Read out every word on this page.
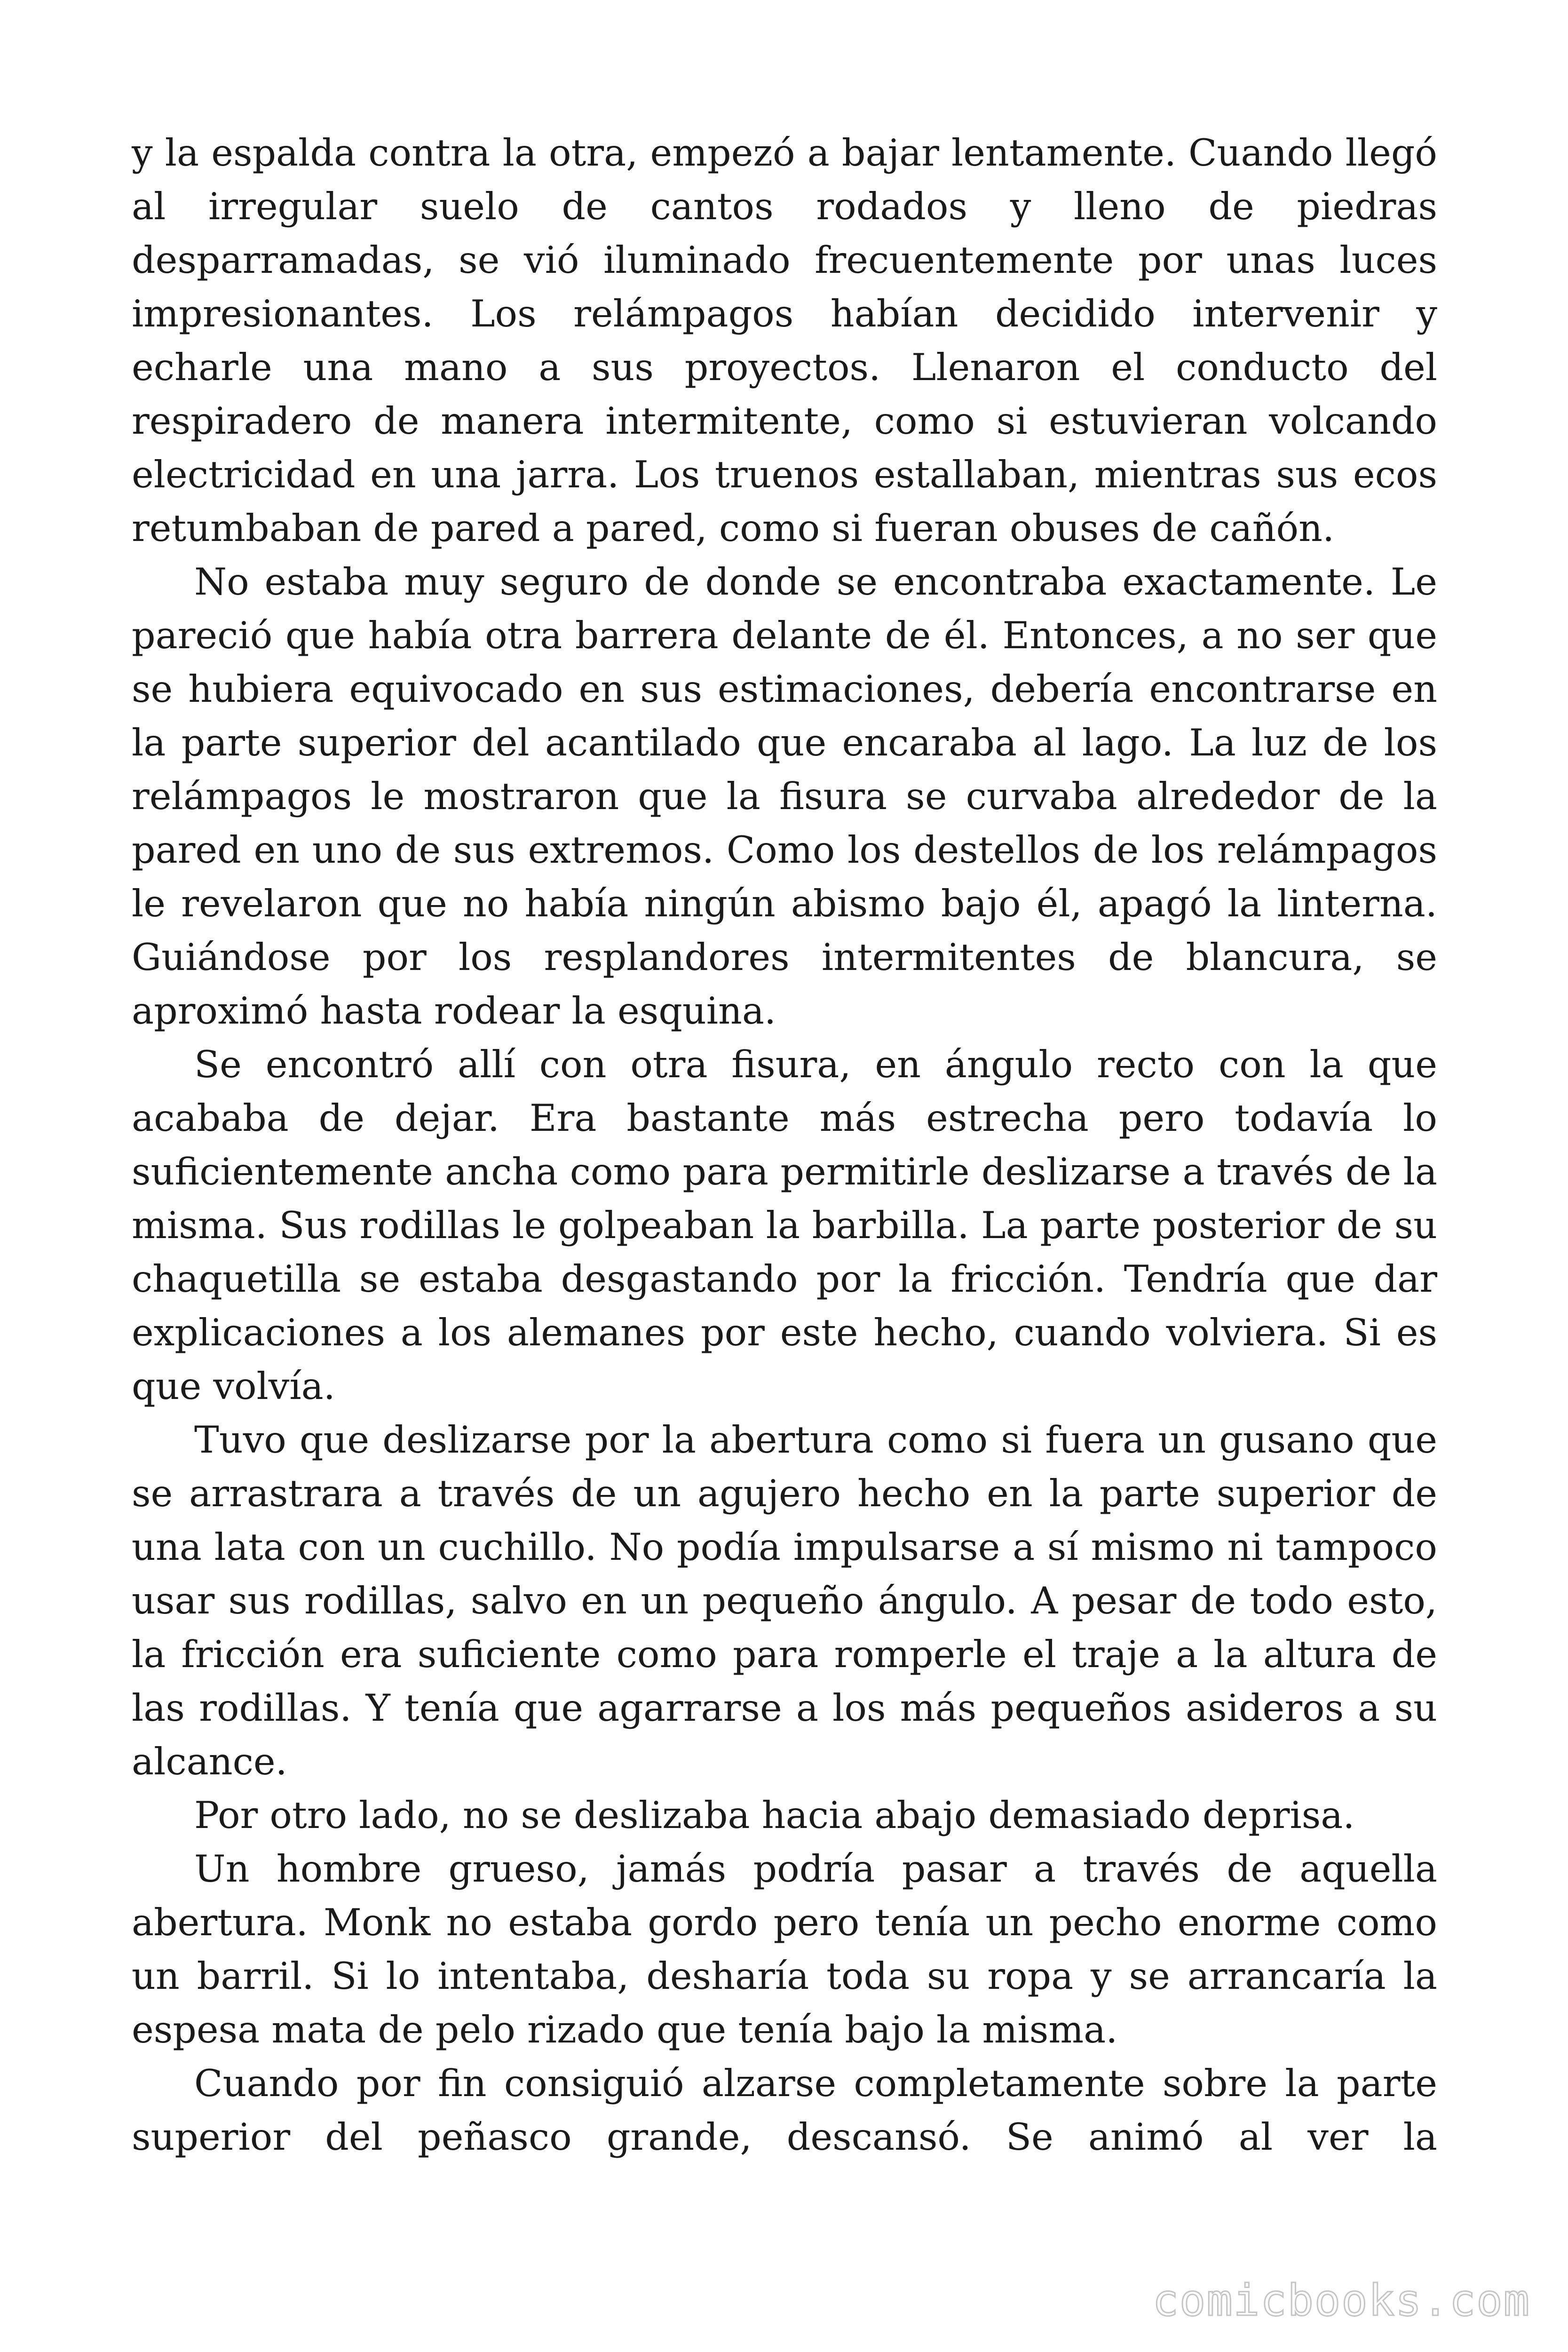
y la espalda contra la otra, empezó a bajar lentamente. Cuando llegó al irregular suelo de cantos rodados y lleno de piedras desparramadas, se vió iluminado frecuentemente por unas luces impresionantes. Los relámpagos habían decidido intervenir y echarle una mano a sus proyectos. Llenaron el conducto del respiradero de manera intermitente, como si estuvieran volcando electricidad en una jarra. Los truenos estallaban, mientras sus ecos retumbaban de pared a pared, como si fueran obuses de cañón.

No estaba muy seguro de donde se encontraba exactamente. Le pareció que había otra barrera delante de él. Entonces, a no ser que se hubiera equivocado en sus estimaciones, debería encontrarse en la parte superior del acantilado que encaraba al lago. La luz de los relámpagos le mostraron que la fisura se curvaba alrededor de la pared en uno de sus extremos. Como los destellos de los relámpagos le revelaron que no había ningún abismo bajo él, apagó la linterna. Guiándose por los resplandores intermitentes de blancura, se aproximó hasta rodear la esquina.

Se encontró allí con otra fisura, en ángulo recto con la que acababa de dejar. Era bastante más estrecha pero todavía lo suficientemente ancha como para permitirle deslizarse a través de la misma. Sus rodillas le golpeaban la barbilla. La parte posterior de su chaquetilla se estaba desgastando por la fricción. Tendría que dar explicaciones a los alemanes por este hecho, cuando volviera. Si es que volvía.

Tuvo que deslizarse por la abertura como si fuera un gusano que se arrastrara a través de un agujero hecho en la parte superior de una lata con un cuchillo. No podía impulsarse a sí mismo ni tampoco usar sus rodillas, salvo en un pequeño ángulo. A pesar de todo esto, la fricción era suficiente como para romperle el traje a la altura de las rodillas. Y tenía que agarrarse a los más pequeños asideros a su alcance.

Por otro lado, no se deslizaba hacia abajo demasiado deprisa.

Un hombre grueso, jamás podría pasar a través de aquella abertura. Monk no estaba gordo pero tenía un pecho enorme como un barril. Si lo intentaba, desharía toda su ropa y se arrancaría la espesa mata de pelo rizado que tenía bajo la misma.

Cuando por fin consiguió alzarse completamente sobre la parte superior del peñasco grande, descansó. Se animó al ver la

comicbooks.com
